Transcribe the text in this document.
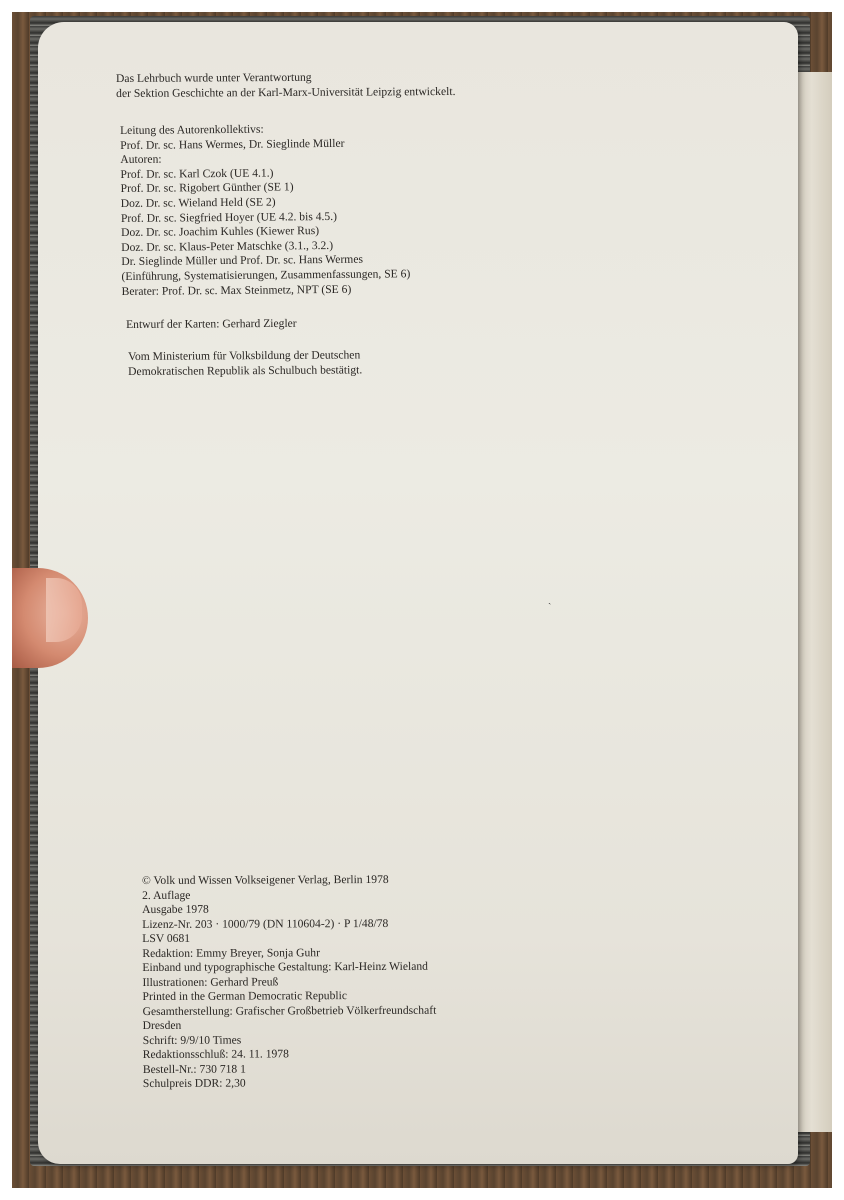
Das Lehrbuch wurde unter Verantwortung
der Sektion Geschichte an der Karl-Marx-Universität Leipzig entwickelt.
Leitung des Autorenkollektivs:
Prof. Dr. sc. Hans Wermes, Dr. Sieglinde Müller
Autoren:
Prof. Dr. sc. Karl Czok (UE 4.1.)
Prof. Dr. sc. Rigobert Günther (SE 1)
Doz. Dr. sc. Wieland Held (SE 2)
Prof. Dr. sc. Siegfried Hoyer (UE 4.2. bis 4.5.)
Doz. Dr. sc. Joachim Kuhles (Kiewer Rus)
Doz. Dr. sc. Klaus-Peter Matschke (3.1., 3.2.)
Dr. Sieglinde Müller und Prof. Dr. sc. Hans Wermes
(Einführung, Systematisierungen, Zusammenfassungen, SE 6)
Berater: Prof. Dr. sc. Max Steinmetz, NPT (SE 6)
Entwurf der Karten: Gerhard Ziegler
Vom Ministerium für Volksbildung der Deutschen
Demokratischen Republik als Schulbuch bestätigt.
ˏ
© Volk und Wissen Volkseigener Verlag, Berlin 1978
2. Auflage
Ausgabe 1978
Lizenz-Nr. 203 · 1000/79 (DN 110604-2) · P 1/48/78
LSV 0681
Redaktion: Emmy Breyer, Sonja Guhr
Einband und typographische Gestaltung: Karl-Heinz Wieland
Illustrationen: Gerhard Preuß
Printed in the German Democratic Republic
Gesamtherstellung: Grafischer Großbetrieb Völkerfreundschaft
Dresden
Schrift: 9/9/10 Times
Redaktionsschluß: 24. 11. 1978
Bestell-Nr.: 730 718 1
Schulpreis DDR: 2,30
